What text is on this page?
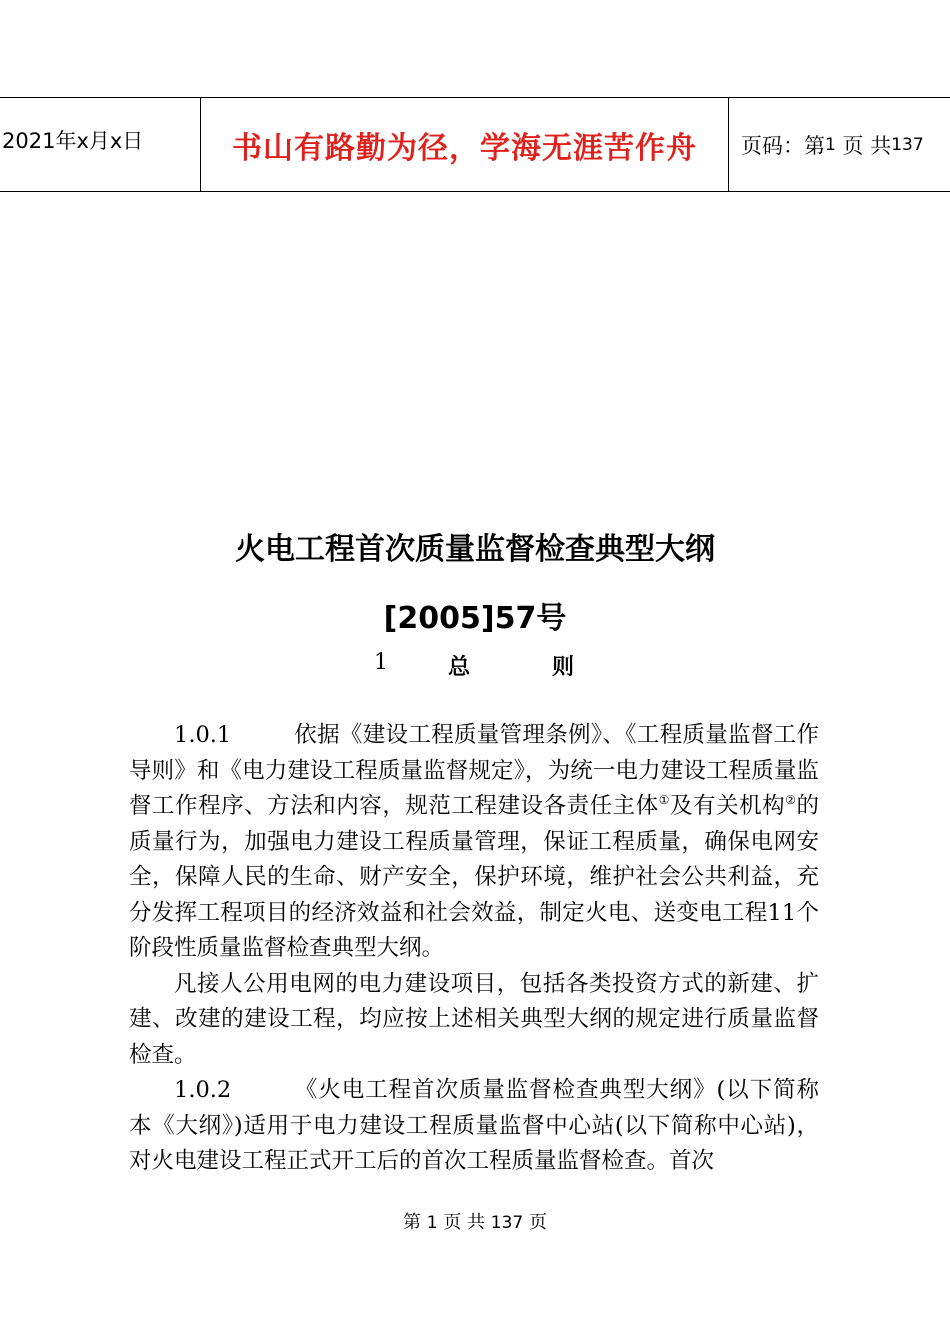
2021年x月x日	书山有路勤为径，学海无涯苦作舟	页码：第 1
页 共 137
火电工程首次质量监督检查典型大纲
[2005]57号
1	总	则

1.0.1	依据《建设工程质量管理条例》、《工程质量监督工作导则》和《电力建设工程质量监督规定》，为统一电力建设工程质量监督工作程序、方法和内容，规范工程建设各责任主体①及有关机构②的质量行为，加强电力建设工程质量管理，保证工程质量，确保电网安全，保障人民的生命、财产安全，保护环境，维护社会公共利益，充分发挥工程项目的经济效益和社会效益，制定火电、送变电工程11个阶段性质量监督检查典型大纲。

凡接人公用电网的电力建设项目，包括各类投资方式的新建、扩建、改建的建设工程，均应按上述相关典型大纲的规定进行质量监督检查。

1.0.2	《火电工程首次质量监督检查典型大纲》(以下简称本《大纲》)适用于电力建设工程质量监督中心站(以下简称中心站)，对火电建设工程正式开工后的首次工程质量监督检查。首次

第 1 页 共 137 页
